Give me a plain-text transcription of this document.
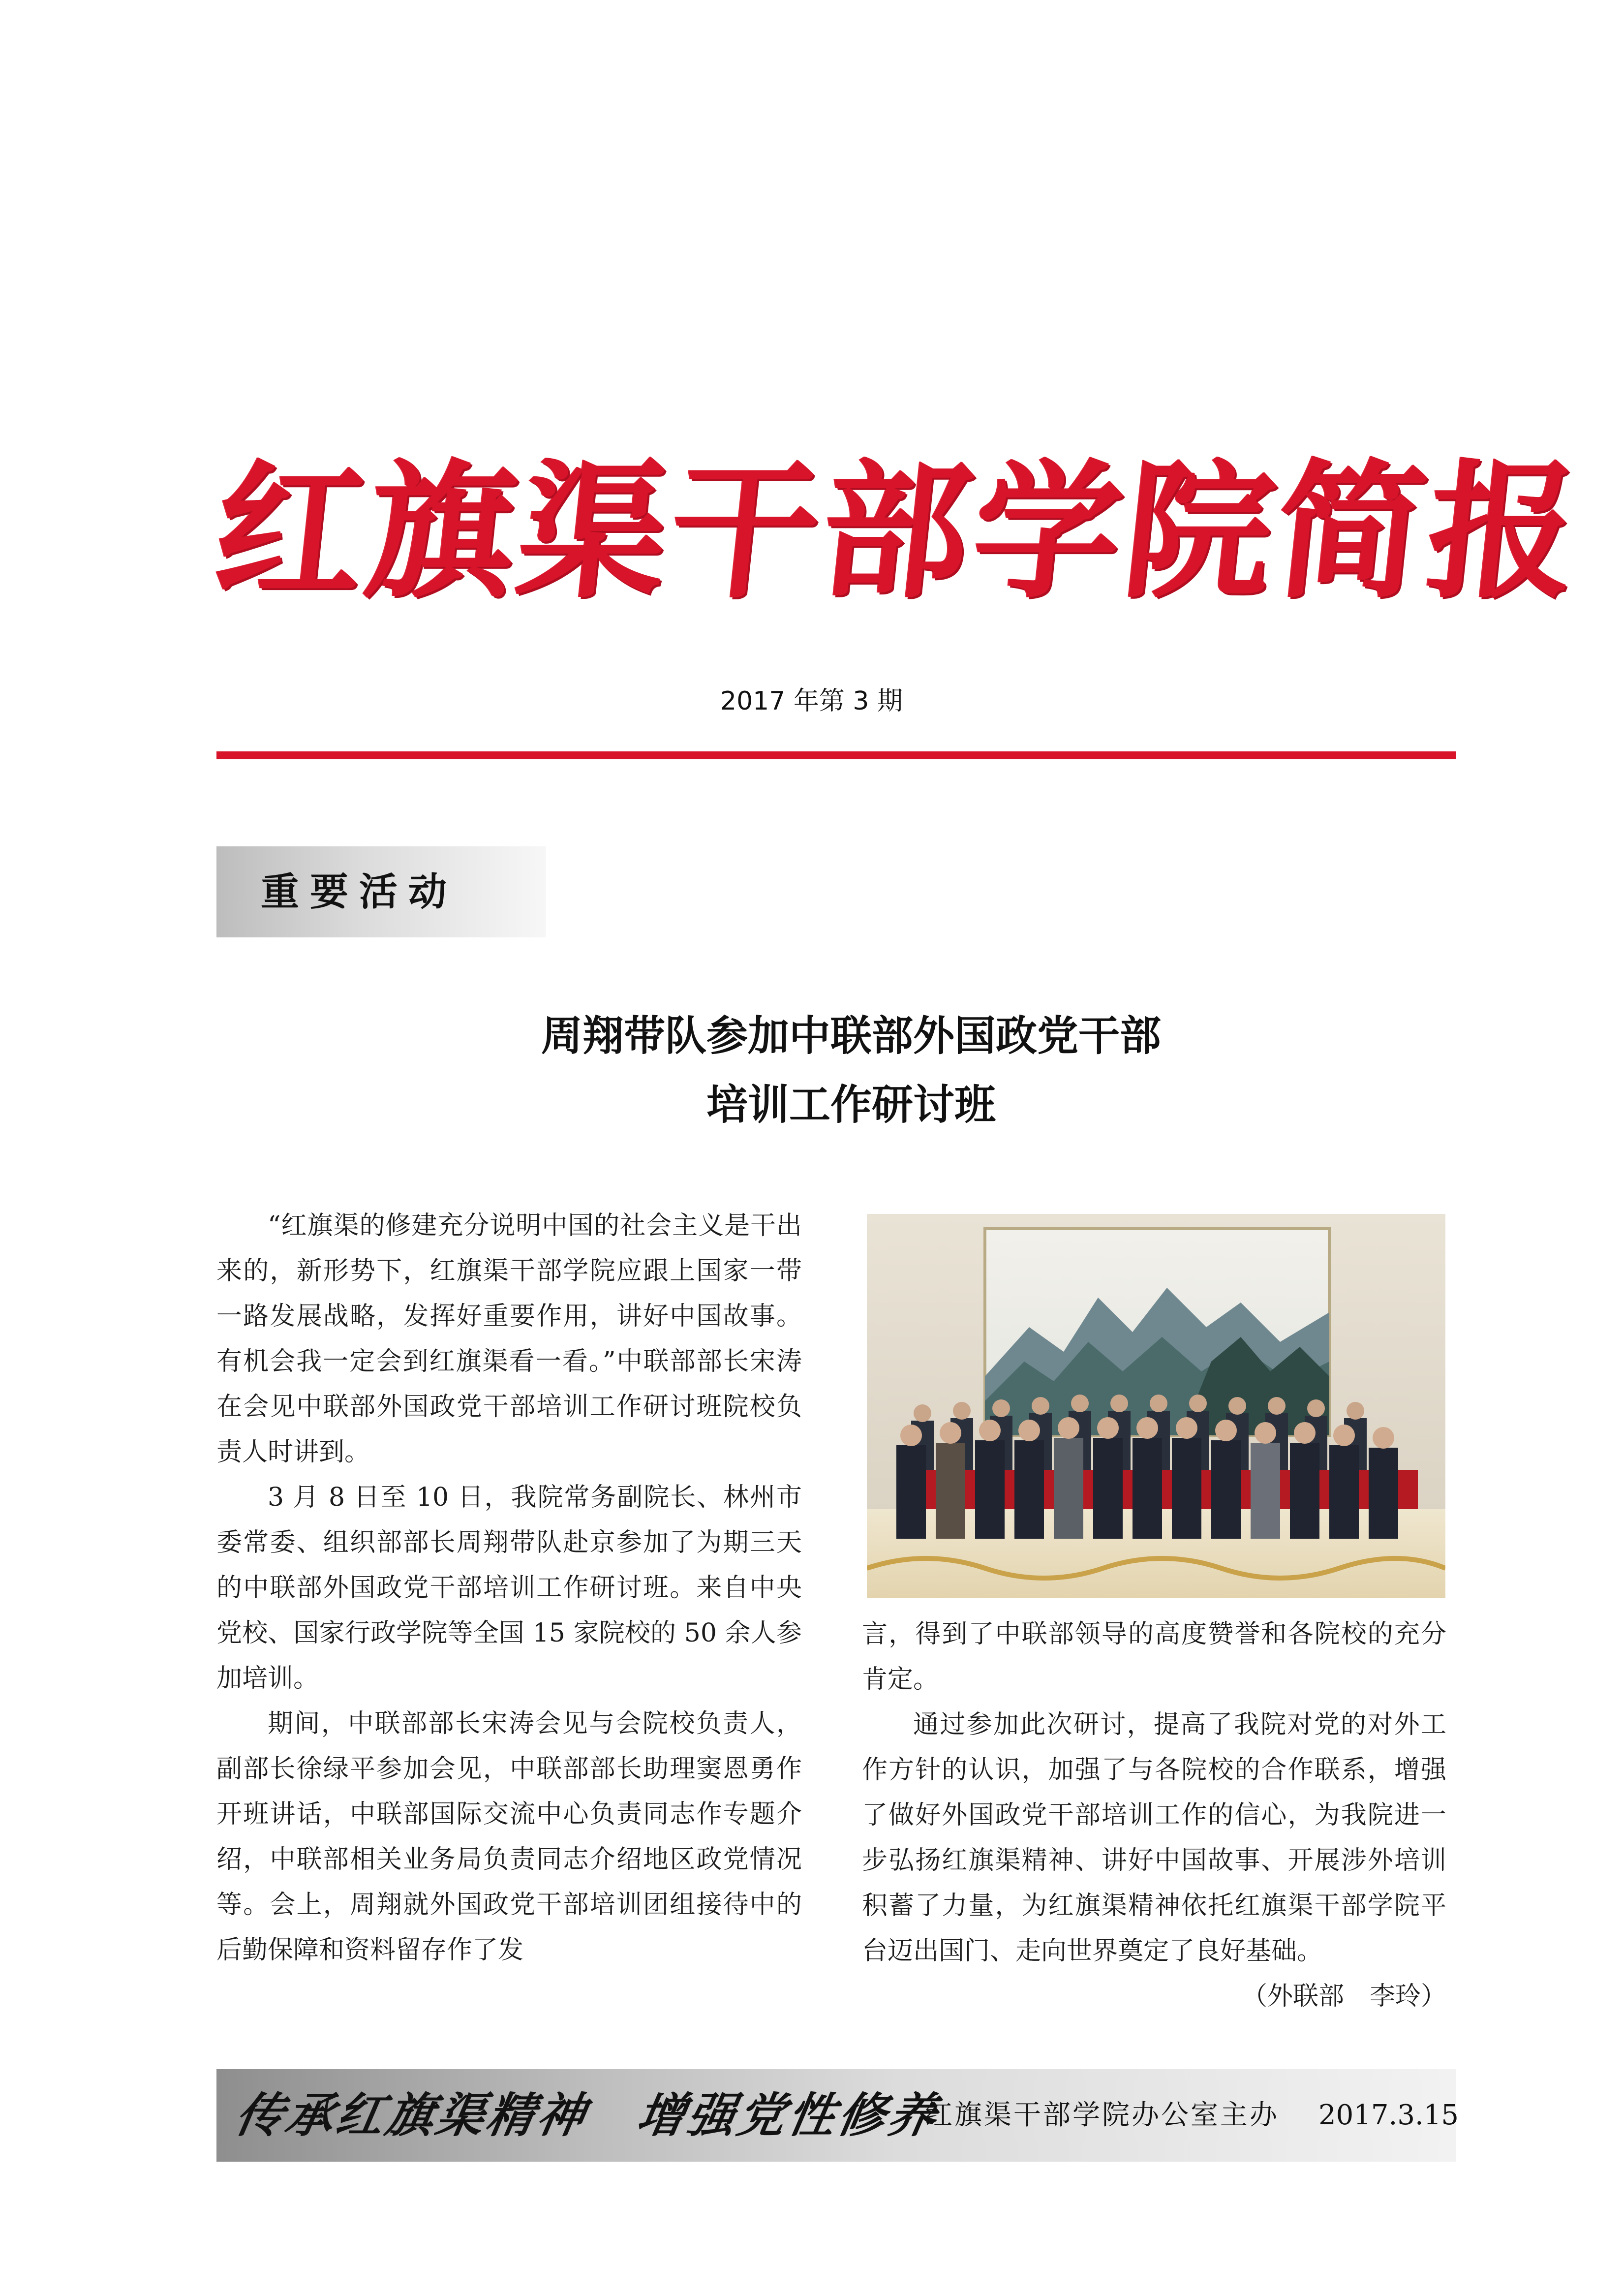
红旗渠干部学院简报
2017 年第 3 期
重要活动
周翔带队参加中联部外国政党干部
培训工作研讨班

“红旗渠的修建充分说明中国的社会主义是干出来的，新形势下，红旗渠干部学院应跟上国家一带一路发展战略，发挥好重要作用，讲好中国故事。有机会我一定会到红旗渠看一看。”中联部部长宋涛在会见中联部外国政党干部培训工作研讨班院校负责人时讲到。

3 月 8 日至 10 日，我院常务副院长、林州市委常委、组织部部长周翔带队赴京参加了为期三天的中联部外国政党干部培训工作研讨班。来自中央党校、国家行政学院等全国 15 家院校的 50 余人参加培训。

期间，中联部部长宋涛会见与会院校负责人，副部长徐绿平参加会见，中联部部长助理窦恩勇作开班讲话，中联部国际交流中心负责同志作专题介绍，中联部相关业务局负责同志介绍地区政党情况等。会上，周翔就外国政党干部培训团组接待中的后勤保障和资料留存作了发

言，得到了中联部领导的高度赞誉和各院校的充分肯定。

通过参加此次研讨，提高了我院对党的对外工作方针的认识，加强了与各院校的合作联系，增强了做好外国政党干部培训工作的信心，为我院进一步弘扬红旗渠精神、讲好中国故事、开展涉外培训积蓄了力量，为红旗渠精神依托红旗渠干部学院平台迈出国门、走向世界奠定了良好基础。

（外联部　李玲）

传承红旗渠精神　增强党性修养
红旗渠干部学院办公室主办 2017.3.15
